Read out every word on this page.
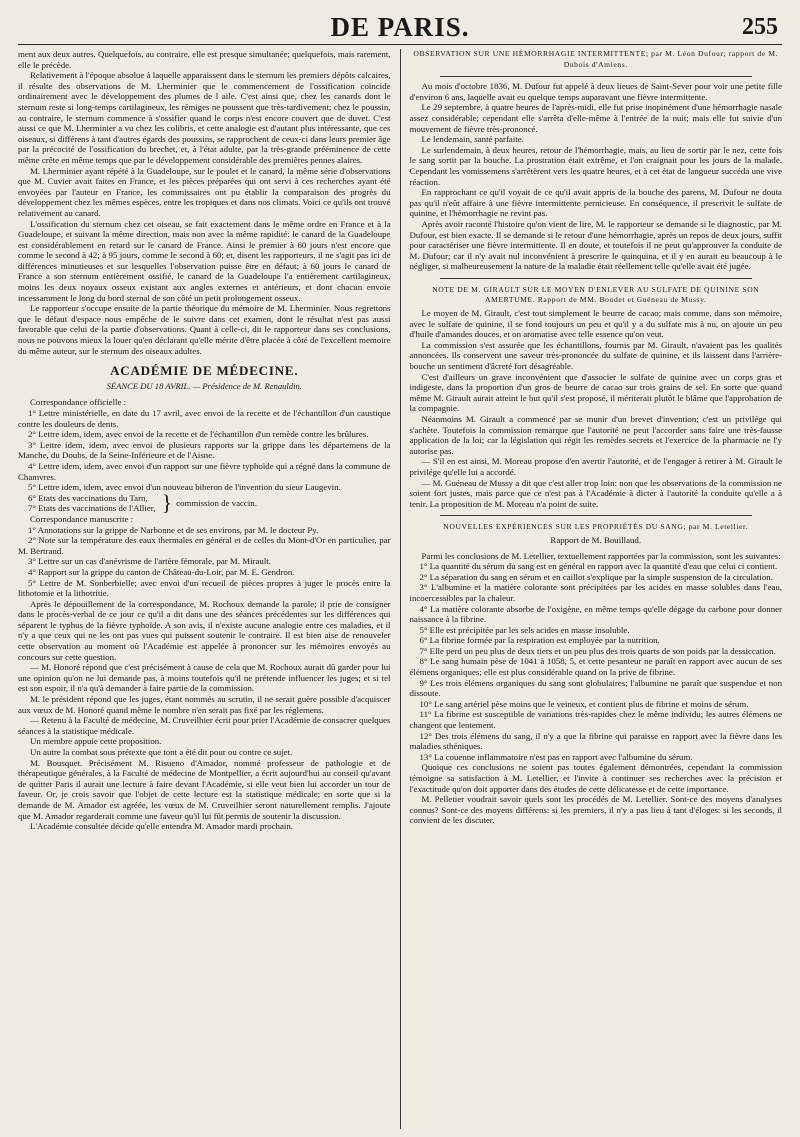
DE PARIS.	255

ment aux deux autres. Quelquefois, au contraire, elle est presque simultanée; quelquefois, mais rarement, elle le précède.

Relativement à l'époque absolue à laquelle apparaissent dans le sternum les premiers dépôts calcaires, il résulte des observations de M. Lherminier que le commencement de l'ossification coïncide ordinairement avec le développement des plumes de l aile. C'est ainsi que, chez les canards dont le sternum reste si long-temps cartilagineux, les rémiges ne poussent que très-tardivement; chez le poussin, au contraire, le sternum commence à s'ossifier quand le corps n'est encore couvert que de duvet. C'est aussi ce que M. Lherminier a vu chez les colibris, et cette analogie est d'autant plus intéressante, que ces oiseaux, si différens à tant d'autres égards des poussins, se rapprochent de ceux-ci dans leurs premier âge par la précocité de l'ossification du brechet, et, à l'état adulte, par la très-grande prééminence de cette même crête en même temps que par le développement considérable des premières pennes alaires.

M. Lherminier ayant répété à la Guadeloupe, sur le poulet et le canard, la même série d'observations que M. Cuvier avait faites en France, et les pièces préparées qui ont servi à ces recherches ayant été envoyées par l'auteur en France, les commissaires ont pu établir la comparaison des progrès du développement chez les mêmes espèces, entre les tropiques et dans nos climats. Voici ce qu'ils ont trouvé relativement au canard.

L'ossification du sternum chez cet oiseau, se fait exactement dans le même ordre en France et à la Guadeloupe, et suivant la même direction, mais non avec la même rapidité: le canard de la Guadeloupe est considérablement en retard sur le canard de France. Ainsi le premier à 60 jours n'est encore que comme le second à 42; à 95 jours, comme le second à 60; et, disent les rapporteurs, il ne s'agit pas ici de différences minutieuses et sur lesquelles l'observation puisse être en défaut; à 60 jours le canard de France a son sternum entièrement ossifié, le canard de la Guadeloupe l'a entièrement cartilagineux, moins les deux noyaux osseux existant aux angles externes et antérieurs, et dont chacun envoie incessamment le long du bord sternal de son côté un petit prolongement osseux.

Le rapporteur s'occupe ensuite de la partie théorique du mémoire de M. Lherminier. Nous regrettons que le défaut d'espace nous empêche de le suivre dans cet examen, dont le résultat n'est pas aussi favorable que celui de la partie d'observations. Quant à celle-ci, dit le rapporteur dans ses conclusions, nous ne pouvons mieux la louer qu'en déclarant qu'elle mérite d'être placée à côté de l'excellent memoire du même auteur, sur le sternum des oiseaux adultes.

ACADÉMIE DE MÉDECINE.
SÉANCE DU 18 AVRIL. — Présidence de M. Renauldin.

Correspondance officielle :

1° Lettre ministérielle, en date du 17 avril, avec envoi de la recette et de l'échantillon d'un caustique contre les douleurs de dents.

2° Lettre idem, idem, avec envoi de la recette et de l'échantillon d'un remède contre les brûlures.

3° Lettre idem, idem, avec envoi de plusieurs rapports sur la grippe dans les départemens de la Manche, du Doubs, de la Seine-Inférieure et de l'Aisne.

4° Lettre idem, idem, avec envoi d'un rapport sur une fièvre typhoïde qui a régné dans la commune de Chamvres.

5° Lettre idem, idem, avec envoi d'un nouveau biberon de l'invention du sieur Laugevin.

6° Etats des vaccinations du Tarn,

7° Etats des vaccinations de l'Allier, } commission de vaccin.

Correspondance manuscrite :

1° Annotations sur la grippe de Narbonne et de ses environs, par M. le docteur Py.

2° Note sur la température des eaux thermales en général et de celles du Mont-d'Or en particulier, par M. Bertrand.

3° Lettre sur un cas d'anévrisme de l'artère fémorale, par M. Mirault.

4° Rapport sur la grippe du canton de Château-du-Loir, par M. E. Gendron.

5° Lettre de M. Sonberbielle; avec envoi d'un recueil de pièces propres à juger le procès entre la lithotomie et la lithotritie.

Après le dépouillement de la correspondance, M. Rochoux demande la parole; il prie de consigner dans le procès-verbal de ce jour ce qu'il a dit dans une des séances précédentes sur les différences qui séparent le typhus de la fièvre typhoïde. A son avis, il n'existe aucune analogie entre ces maladies, et il n'y a que ceux qui ne les ont pas vues qui puissent soutenir le contraire. Il est bien aise de renouveler cette observation au moment où l'Académie est appelée à prononcer sur les mémoires envoyés au concours sur cette question.

— M. Honoré répond que c'est précisément à cause de cela que M. Rochoux aurait dû garder pour lui une opinion qu'on ne lui demande pas, à moins toutefois qu'il ne prétende influencer les juges; et si tel est son espoir, il n'a qu'à demander à faire partie de la commission.

M. le président répond que les juges, étant nommés au scrutin, il ne serait guère possible d'acquiscer aux vœux de M. Honoré quand même le nombre n'en serait pas fixé par les réglemens.

— Retenu à la Faculté de médecine, M. Cruveilhier écrit pour prier l'Académie de consacrer quelques séances à la statistique médicale.

Un membre appuie cette proposition.

Un autre la combat sous prétexte que tont a été dit pour ou contre ce sujet.

M. Bousquet. Précisément M. Risueno d'Amador, nommé professeur de pathologie et de thérapeutique générales, à la Faculté de médecine de Montpellier, a écrit aujourd'hui au conseil qu'avant de quitter Paris il aurait une lecture à faire devant l'Académie, si elle veut bien lui accorder un tour de faveur. Or, je crois savoir que l'objet de cette lecture est la statistique médicale; en sorte que si la demande de M. Amador est agréée, les vœux de M. Cruveilhier seront naturellement remplis. J'ajoute que M. Amador regarderait comme une faveur qu'il lui fût permis de soutenir la discussion.

L'Académie consultée décide qu'elle entendra M. Amador mardi prochain.

OBSERVATION SUR UNE HÉMORRHAGIE INTERMITTENTE; par M. Léon Dufour; rapport de M. Dubois d'Amiens.

Au mois d'octobre 1836, M. Dufour fut appelé à deux lieues de Saint-Sever pour voir une petite fille d'environ 6 ans, laquelle avait eu quelque temps auparavant une fièvre intermittente.

Le 29 septembre, à quatre heures de l'après-midi, elle fut prise inopinément d'une hémorrhagie nasale assez considérable; cependant elle s'arrêta d'elle-même à l'entrée de la nuit; mais elle fut suivie d'un mouvement de fièvre très-prononcé.

Le lendemain, santé parfaite.

Le surlendemain, à deux heures, retour de l'hémorrhagie, mais, au lieu de sortir par le nez, cette fois le sang sortit par la bouche. La prostration était extrême, et l'on craignait pour les jours de la malade. Cependant les vomissemens s'arrêtèrent vers les quatre heures, et à cet état de langueur succéda une vive réaction.

En rapprochant ce qu'il voyait de ce qu'il avait appris de la bouche des parens, M. Dufour ne douta pas qu'il n'eût affaire à une fièvre intermittente pernicieuse. En conséquence, il prescrivit le sulfate de quinine, et l'hémorrhagie ne revint pas.

Après avoir raconté l'histoire qu'on vient de lire, M. le rapporteur se demande si le diagnostic, par M. Dufour, est bien exacte. Il se demande si le retour d'une hémorrhagie, après un repos de deux jours, suffit pour caractériser une fièvre intermittente. Il en doute, et toutefois il ne peut qu'approuver la conduite de M. Dufour; car il n'y avait nul inconvénient à prescrire le quinquina, et il y en aurait eu beaucoup à le négliger, si malheureusement la nature de la maladie était réellement telle qu'elle avait été jugée.

NOTE DE M. GIRAULT SUR LE MOYEN D'ENLEVER AU SULFATE DE QUININE SON AMERTUME. Rapport de MM. Boudet et Guéneau de Mussy.

Le moyen de M. Girault, c'est tout simplement le beurre de cacao; mais comme, dans son mémoire, avec le sulfate de quinine, il se fond toujours un peu et qu'il y a du sulfate mis à nu, on ajoute un peu d'huile d'amandes douces, et on aromatise avec telle essence qu'on veut.

La commission s'est assurée que les échantillons, fournis par M. Girault, n'avaient pas les qualités annoncées. Ils conservent une saveur très-prononcée du sulfate de quinine, et ils laissent dans l'arrière-bouche un sentiment d'âcreté fort désagréable.

C'est d'ailleurs un grave inconvénient que d'associer le sulfate de quinine avec un corps gras et indigeste, dans la proportion d'un gros de beurre de cacao sur trois grains de sel. En sorte que quand même M. Girault aurait atteint le but qu'il s'est proposé, il mériterait plutôt le blâme que l'approbation de la compagnie.

Néanmoins M. Girault a commencé par se munir d'un brevet d'invention; c'est un privilége qui s'achète. Toutefois la commission remarque que l'autorité ne peut l'accorder sans faire une très-fausse application de la loi; car la législation qui régit les remèdes secrets et l'exercice de la pharmacie ne l'y autorise pas.

— S'il en est ainsi, M. Moreau propose d'en avertir l'autorité, et de l'engager à retirer à M. Girault le privilége qu'elle lui a accordé.

— M. Guéneau de Mussy a dit que c'est aller trop loin: non que les observations de la commission ne soient fort justes, mais parce que ce n'est pas à l'Académie à dicter à l'autorité la conduite qu'elle a à tenir. La proposition de M. Moreau n'a point de suite.

NOUVELLES EXPÉRIENCES SUR LES PROPRIÉTÉS DU SANG; par M. Letellier.
Rapport de M. Bouillaud.

Parmi les conclusions de M. Letellier, textuellement rapportées par la commission, sont les suivantes:

1° La quantité du sérum du sang est en général en rapport avec la quantité d'eau que celui ci contient.

2° La séparation du sang en sérum et en caillot s'explique par la simple suspension de la circulation.

3° L'albumine et la matière colorante sont précipitées par les acides en masse solubles dans l'eau, incoercessibles par la chaleur.

4° La matière colorante absorbe de l'oxigène, en même temps qu'elle dégage du carbone pour donner naissance à la fibrine.

5° Elle est précipitée par les sels acides en masse insoluble.

6° La fibrine formée par la respiration est employée par la nutrition.

7° Elle perd un peu plus de deux tiers et un peu plus des trois quarts de son poids par la dessiccation.

8° Le sang humain pèse de 1041 à 1058, 5, et cette pesanteur ne paraît en rapport avec aucun de ses élémens organiques; elle est plus considérable quand on la prive de fibrine.

9° Les trois élémens organiques du sang sont globulaires; l'albumine ne paraît que suspendue et non dissoute.

10° Le sang artériel pèse moins que le veineux, et contient plus de fibrine et moins de sérum.

11° La fibrine est susceptible de variations très-rapides chez le même individu; les autres élémens ne changent que lentement.

12° Des trois élémens du sang, il n'y a que la fibrine qui paraisse en rapport avec la fièvre dans les maladies sthéniques.

13° La couenne inflammatoire n'est pas en rapport avec l'albumine du sérum.

Quoique ces conclusions ne soient pas toutes également démontrées, cependant la commission témoigne sa satisfaction à M. Letellier, et l'invite à continuer ses recherches avec la précision et l'exactitude qu'on doit apporter dans des études de cette délicatesse et de cette importance.

M. Pelletier voudrait savoir quels sont les procédés de M. Letellier. Sont-ce des moyens d'analyses connus? Sont-ce des moyens différens: si les premiers, il n'y a pas lieu à tant d'éloges: si les seconds, il convient de les discuter.
